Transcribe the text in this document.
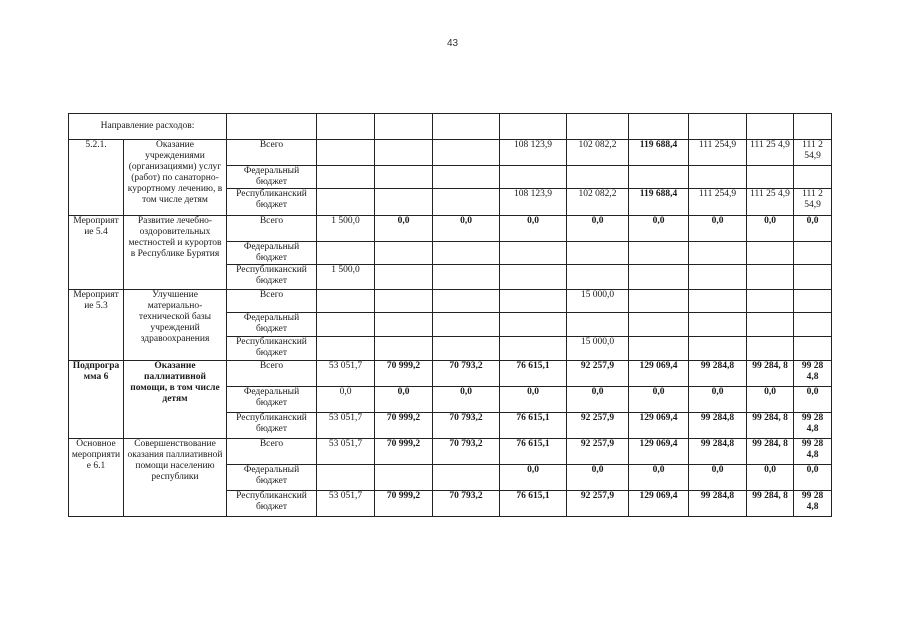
43
Направление расходов:											
5.2.1.	Оказание учреждениями (организациями) услуг (работ) по санаторно-курортному лечению, в том числе детям	Всего				108 123,9	102 082,2	119 688,4	111 254,9	111 25 4,9	111 2 54,9
		Федеральный бюджет									
		Республиканский бюджет				108 123,9	102 082,2	119 688,4	111 254,9	111 25 4,9	111 2 54,9
Мероприятие 5.4	Развитие лечебно-оздоровительных местностей и курортов в Республике Бурятия	Всего	1 500,0	0,0	0,0	0,0	0,0	0,0	0,0	0,0	0,0
		Федеральный бюджет									
		Республиканский бюджет	1 500,0								
Мероприятие 5.3	Улучшение материально-технической базы учреждений здравоохранения	Всего					15 000,0				
		Федеральный бюджет									
		Республиканский бюджет					15 000,0				
Подпрограмма 6	Оказание паллиативной помощи, в том числе детям	Всего	53 051,7	70 999,2	70 793,2	76 615,1	92 257,9	129 069,4	99 284,8	99 284, 8	99 28 4,8
		Федеральный бюджет	0,0	0,0	0,0	0,0	0,0	0,0	0,0	0,0	0,0
		Республиканский бюджет	53 051,7	70 999,2	70 793,2	76 615,1	92 257,9	129 069,4	99 284,8	99 284, 8	99 28 4,8
Основное мероприятие 6.1	Совершенствование оказания паллиативной помощи населению республики	Всего	53 051,7	70 999,2	70 793,2	76 615,1	92 257,9	129 069,4	99 284,8	99 284, 8	99 28 4,8
		Федеральный бюджет				0,0	0,0	0,0	0,0	0,0	0,0
		Республиканский бюджет	53 051,7	70 999,2	70 793,2	76 615,1	92 257,9	129 069,4	99 284,8	99 284, 8	99 28 4,8
